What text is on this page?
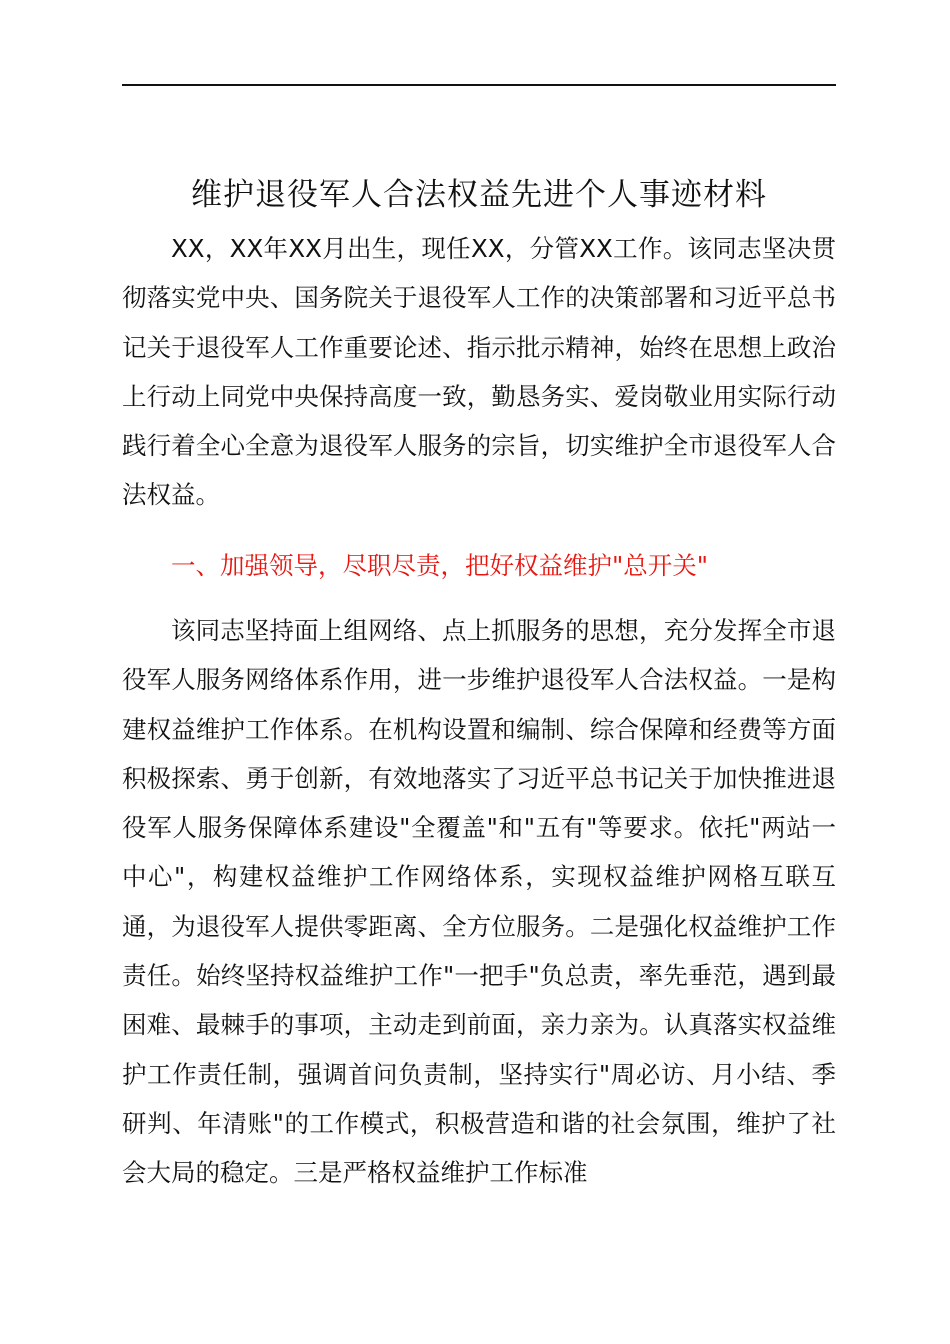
维护退役军人合法权益先进个人事迹材料

XX，XX年XX月出生，现任XX，分管XX工作。该同志坚决贯彻落实党中央、国务院关于退役军人工作的决策部署和习近平总书记关于退役军人工作重要论述、指示批示精神，始终在思想上政治上行动上同党中央保持高度一致，勤恳务实、爱岗敬业用实际行动践行着全心全意为退役军人服务的宗旨，切实维护全市退役军人合法权益。

一、加强领导，尽职尽责，把好权益维护"总开关"

该同志坚持面上组网络、点上抓服务的思想，充分发挥全市退役军人服务网络体系作用，进一步维护退役军人合法权益。一是构建权益维护工作体系。在机构设置和编制、综合保障和经费等方面积极探索、勇于创新，有效地落实了习近平总书记关于加快推进退役军人服务保障体系建设"全覆盖"和"五有"等要求。依托"两站一中心"，构建权益维护工作网络体系，实现权益维护网格互联互通，为退役军人提供零距离、全方位服务。二是强化权益维护工作责任。始终坚持权益维护工作"一把手"负总责，率先垂范，遇到最困难、最棘手的事项，主动走到前面，亲力亲为。认真落实权益维护工作责任制，强调首问负责制，坚持实行"周必访、月小结、季研判、年清账"的工作模式，积极营造和谐的社会氛围，维护了社会大局的稳定。三是严格权益维护工作标准
